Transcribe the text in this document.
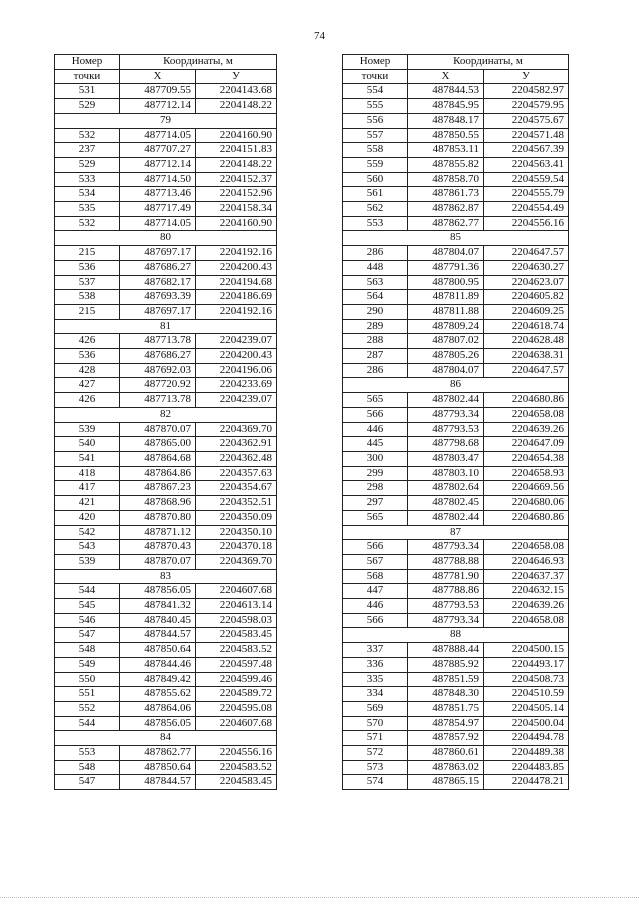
74
Номер	Координаты, м	
точки	X	У
531	487709.55	2204143.68
529	487712.14	2204148.22
79		
532	487714.05	2204160.90
237	487707.27	2204151.83
529	487712.14	2204148.22
533	487714.50	2204152.37
534	487713.46	2204152.96
535	487717.49	2204158.34
532	487714.05	2204160.90
80		
215	487697.17	2204192.16
536	487686.27	2204200.43
537	487682.17	2204194.68
538	487693.39	2204186.69
215	487697.17	2204192.16
81		
426	487713.78	2204239.07
536	487686.27	2204200.43
428	487692.03	2204196.06
427	487720.92	2204233.69
426	487713.78	2204239.07
82		
539	487870.07	2204369.70
540	487865.00	2204362.91
541	487864.68	2204362.48
418	487864.86	2204357.63
417	487867.23	2204354.67
421	487868.96	2204352.51
420	487870.80	2204350.09
542	487871.12	2204350.10
543	487870.43	2204370.18
539	487870.07	2204369.70
83		
544	487856.05	2204607.68
545	487841.32	2204613.14
546	487840.45	2204598.03
547	487844.57	2204583.45
548	487850.64	2204583.52
549	487844.46	2204597.48
550	487849.42	2204599.46
551	487855.62	2204589.72
552	487864.06	2204595.08
544	487856.05	2204607.68
84		
553	487862.77	2204556.16
548	487850.64	2204583.52
547	487844.57	2204583.45
Номер	Координаты, м	
точки	X	У
554	487844.53	2204582.97
555	487845.95	2204579.95
556	487848.17	2204575.67
557	487850.55	2204571.48
558	487853.11	2204567.39
559	487855.82	2204563.41
560	487858.70	2204559.54
561	487861.73	2204555.79
562	487862.87	2204554.49
553	487862.77	2204556.16
85		
286	487804.07	2204647.57
448	487791.36	2204630.27
563	487800.95	2204623.07
564	487811.89	2204605.82
290	487811.88	2204609.25
289	487809.24	2204618.74
288	487807.02	2204628.48
287	487805.26	2204638.31
286	487804.07	2204647.57
86		
565	487802.44	2204680.86
566	487793.34	2204658.08
446	487793.53	2204639.26
445	487798.68	2204647.09
300	487803.47	2204654.38
299	487803.10	2204658.93
298	487802.64	2204669.56
297	487802.45	2204680.06
565	487802.44	2204680.86
87		
566	487793.34	2204658.08
567	487788.88	2204646.93
568	487781.90	2204637.37
447	487788.86	2204632.15
446	487793.53	2204639.26
566	487793.34	2204658.08
88		
337	487888.44	2204500.15
336	487885.92	2204493.17
335	487851.59	2204508.73
334	487848.30	2204510.59
569	487851.75	2204505.14
570	487854.97	2204500.04
571	487857.92	2204494.78
572	487860.61	2204489.38
573	487863.02	2204483.85
574	487865.15	2204478.21
